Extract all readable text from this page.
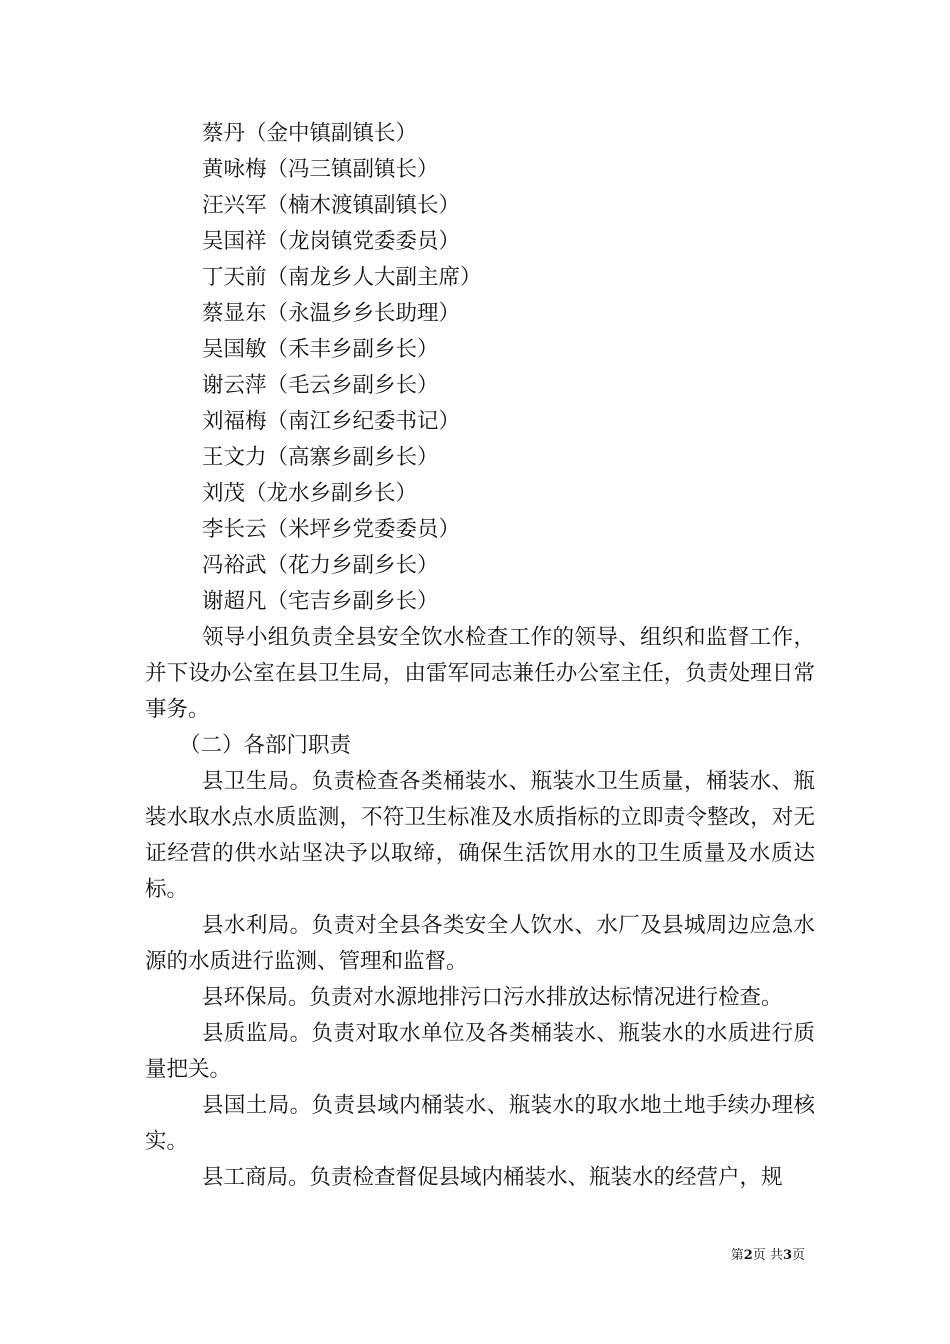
蔡丹（金中镇副镇长）
黄咏梅（冯三镇副镇长）
汪兴军（楠木渡镇副镇长）
吴国祥（龙岗镇党委委员）
丁天前（南龙乡人大副主席）
蔡显东（永温乡乡长助理）
吴国敏（禾丰乡副乡长）
谢云萍（毛云乡副乡长）
刘福梅（南江乡纪委书记）
王文力（高寨乡副乡长）
刘茂（龙水乡副乡长）
李长云（米坪乡党委委员）
冯裕武（花力乡副乡长）
谢超凡（宅吉乡副乡长）

领导小组负责全县安全饮水检查工作的领导、组织和监督工作，并下设办公室在县卫生局，由雷军同志兼任办公室主任，负责处理日常事务。

（二）各部门职责

县卫生局。负责检查各类桶装水、瓶装水卫生质量，桶装水、瓶装水取水点水质监测，不符卫生标准及水质指标的立即责令整改，对无证经营的供水站坚决予以取缔，确保生活饮用水的卫生质量及水质达标。

县水利局。负责对全县各类安全人饮水、水厂及县城周边应急水源的水质进行监测、管理和监督。

县环保局。负责对水源地排污口污水排放达标情况进行检查。

县质监局。负责对取水单位及各类桶装水、瓶装水的水质进行质量把关。

县国土局。负责县域内桶装水、瓶装水的取水地土地手续办理核实。

县工商局。负责检查督促县域内桶装水、瓶装水的经营户，规

第2页 共3页
